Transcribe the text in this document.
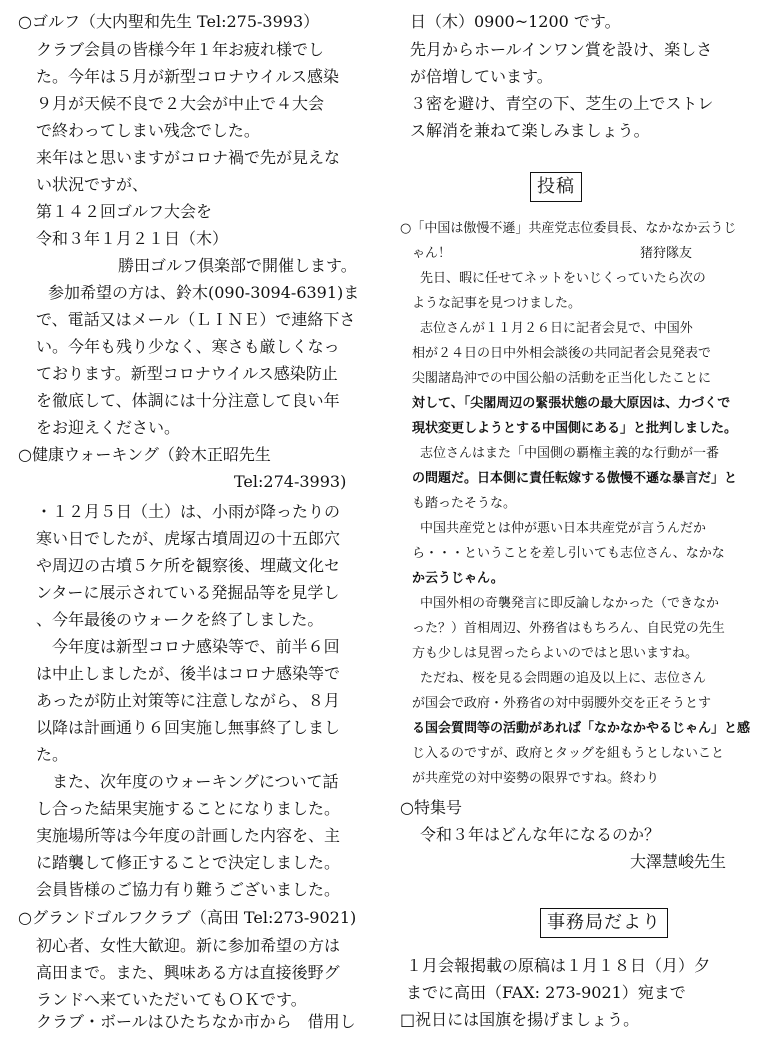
○ゴルフ（大内聖和先生 Tel:275-3993）
クラブ会員の皆様今年１年お疲れ様でし
た。今年は５月が新型コロナウイルス感染
９月が天候不良で２大会が中止で４大会
で終わってしまい残念でした。
来年はと思いますがコロナ禍で先が見えな
い状況ですが、
第１４２回ゴルフ大会を
令和３年１月２１日（木）
勝田ゴルフ倶楽部で開催します。
参加希望の方は、鈴木(090-3094-6391)ま
で、電話又はメール（ＬＩＮＥ）で連絡下さ
い。今年も残り少なく、寒さも厳しくなっ
ております。新型コロナウイルス感染防止
を徹底して、体調には十分注意して良い年
をお迎えください。
○健康ウォーキング（鈴木正昭先生
Tel:274-3993)
・１２月５日（土）は、小雨が降ったりの
寒い日でしたが、虎塚古墳周辺の十五郎穴
や周辺の古墳５ケ所を観察後、埋蔵文化セ
ンターに展示されている発掘品等を見学し
、今年最後のウォークを終了しました。
今年度は新型コロナ感染等で、前半６回
は中止しましたが、後半はコロナ感染等で
あったが防止対策等に注意しながら、８月
以降は計画通り６回実施し無事終了しまし
た。
また、次年度のウォーキングについて話
し合った結果実施することになりました。
実施場所等は今年度の計画した内容を、主
に踏襲して修正することで決定しました。
会員皆様のご協力有り難うございました。
○グランドゴルフクラブ（高田 Tel:273-9021)
初心者、女性大歓迎。新に参加希望の方は
高田まで。また、興味ある方は直接後野グ
ランドへ来ていただいてもＯＫです。
クラブ・ボールはひたちなか市から　借用し
日（木）0900~1200 です。
先月からホールインワン賞を設け、楽しさ
が倍増しています。
３密を避け、青空の下、芝生の上でストレ
ス解消を兼ねて楽しみましょう。
投稿
○「中国は傲慢不遜」共産党志位委員長、なかなか云うじ
ゃん！	猪狩隊友
先日、暇に任せてネットをいじくっていたら次の
ような記事を見つけました。
志位さんが１１月２６日に記者会見で、中国外
相が２４日の日中外相会談後の共同記者会見発表で
尖閣諸島沖での中国公船の活動を正当化したことに
対して、「尖閣周辺の緊張状態の最大原因は、力づくで
現状変更しようとする中国側にある」と批判しました。
志位さんはまた「中国側の覇権主義的な行動が一番
の問題だ。日本側に責任転嫁する傲慢不遜な暴言だ」と
も踏ったそうな。
中国共産党とは仲が悪い日本共産党が言うんだか
ら・・・ということを差し引いても志位さん、なかな
か云うじゃん。
中国外相の奇襲発言に即反論しなかった（できなか
った？）首相周辺、外務省はもちろん、自民党の先生
方も少しは見習ったらよいのではと思いますね。
ただね、桜を見る会問題の追及以上に、志位さん
が国会で政府・外務省の対中弱腰外交を正そうとす
る国会質問等の活動があれば「なかなかやるじゃん」と感
じ入るのですが、政府とタッグを組もうとしないこと
が共産党の対中姿勢の限界ですね。終わり
○特集号
令和３年はどんな年になるのか？
大澤慧峻先生
事務局だより
１月会報掲載の原稿は１月１８日（月）夕
までに高田（FAX: 273-9021）宛まで
□祝日には国旗を揚げましょう。
